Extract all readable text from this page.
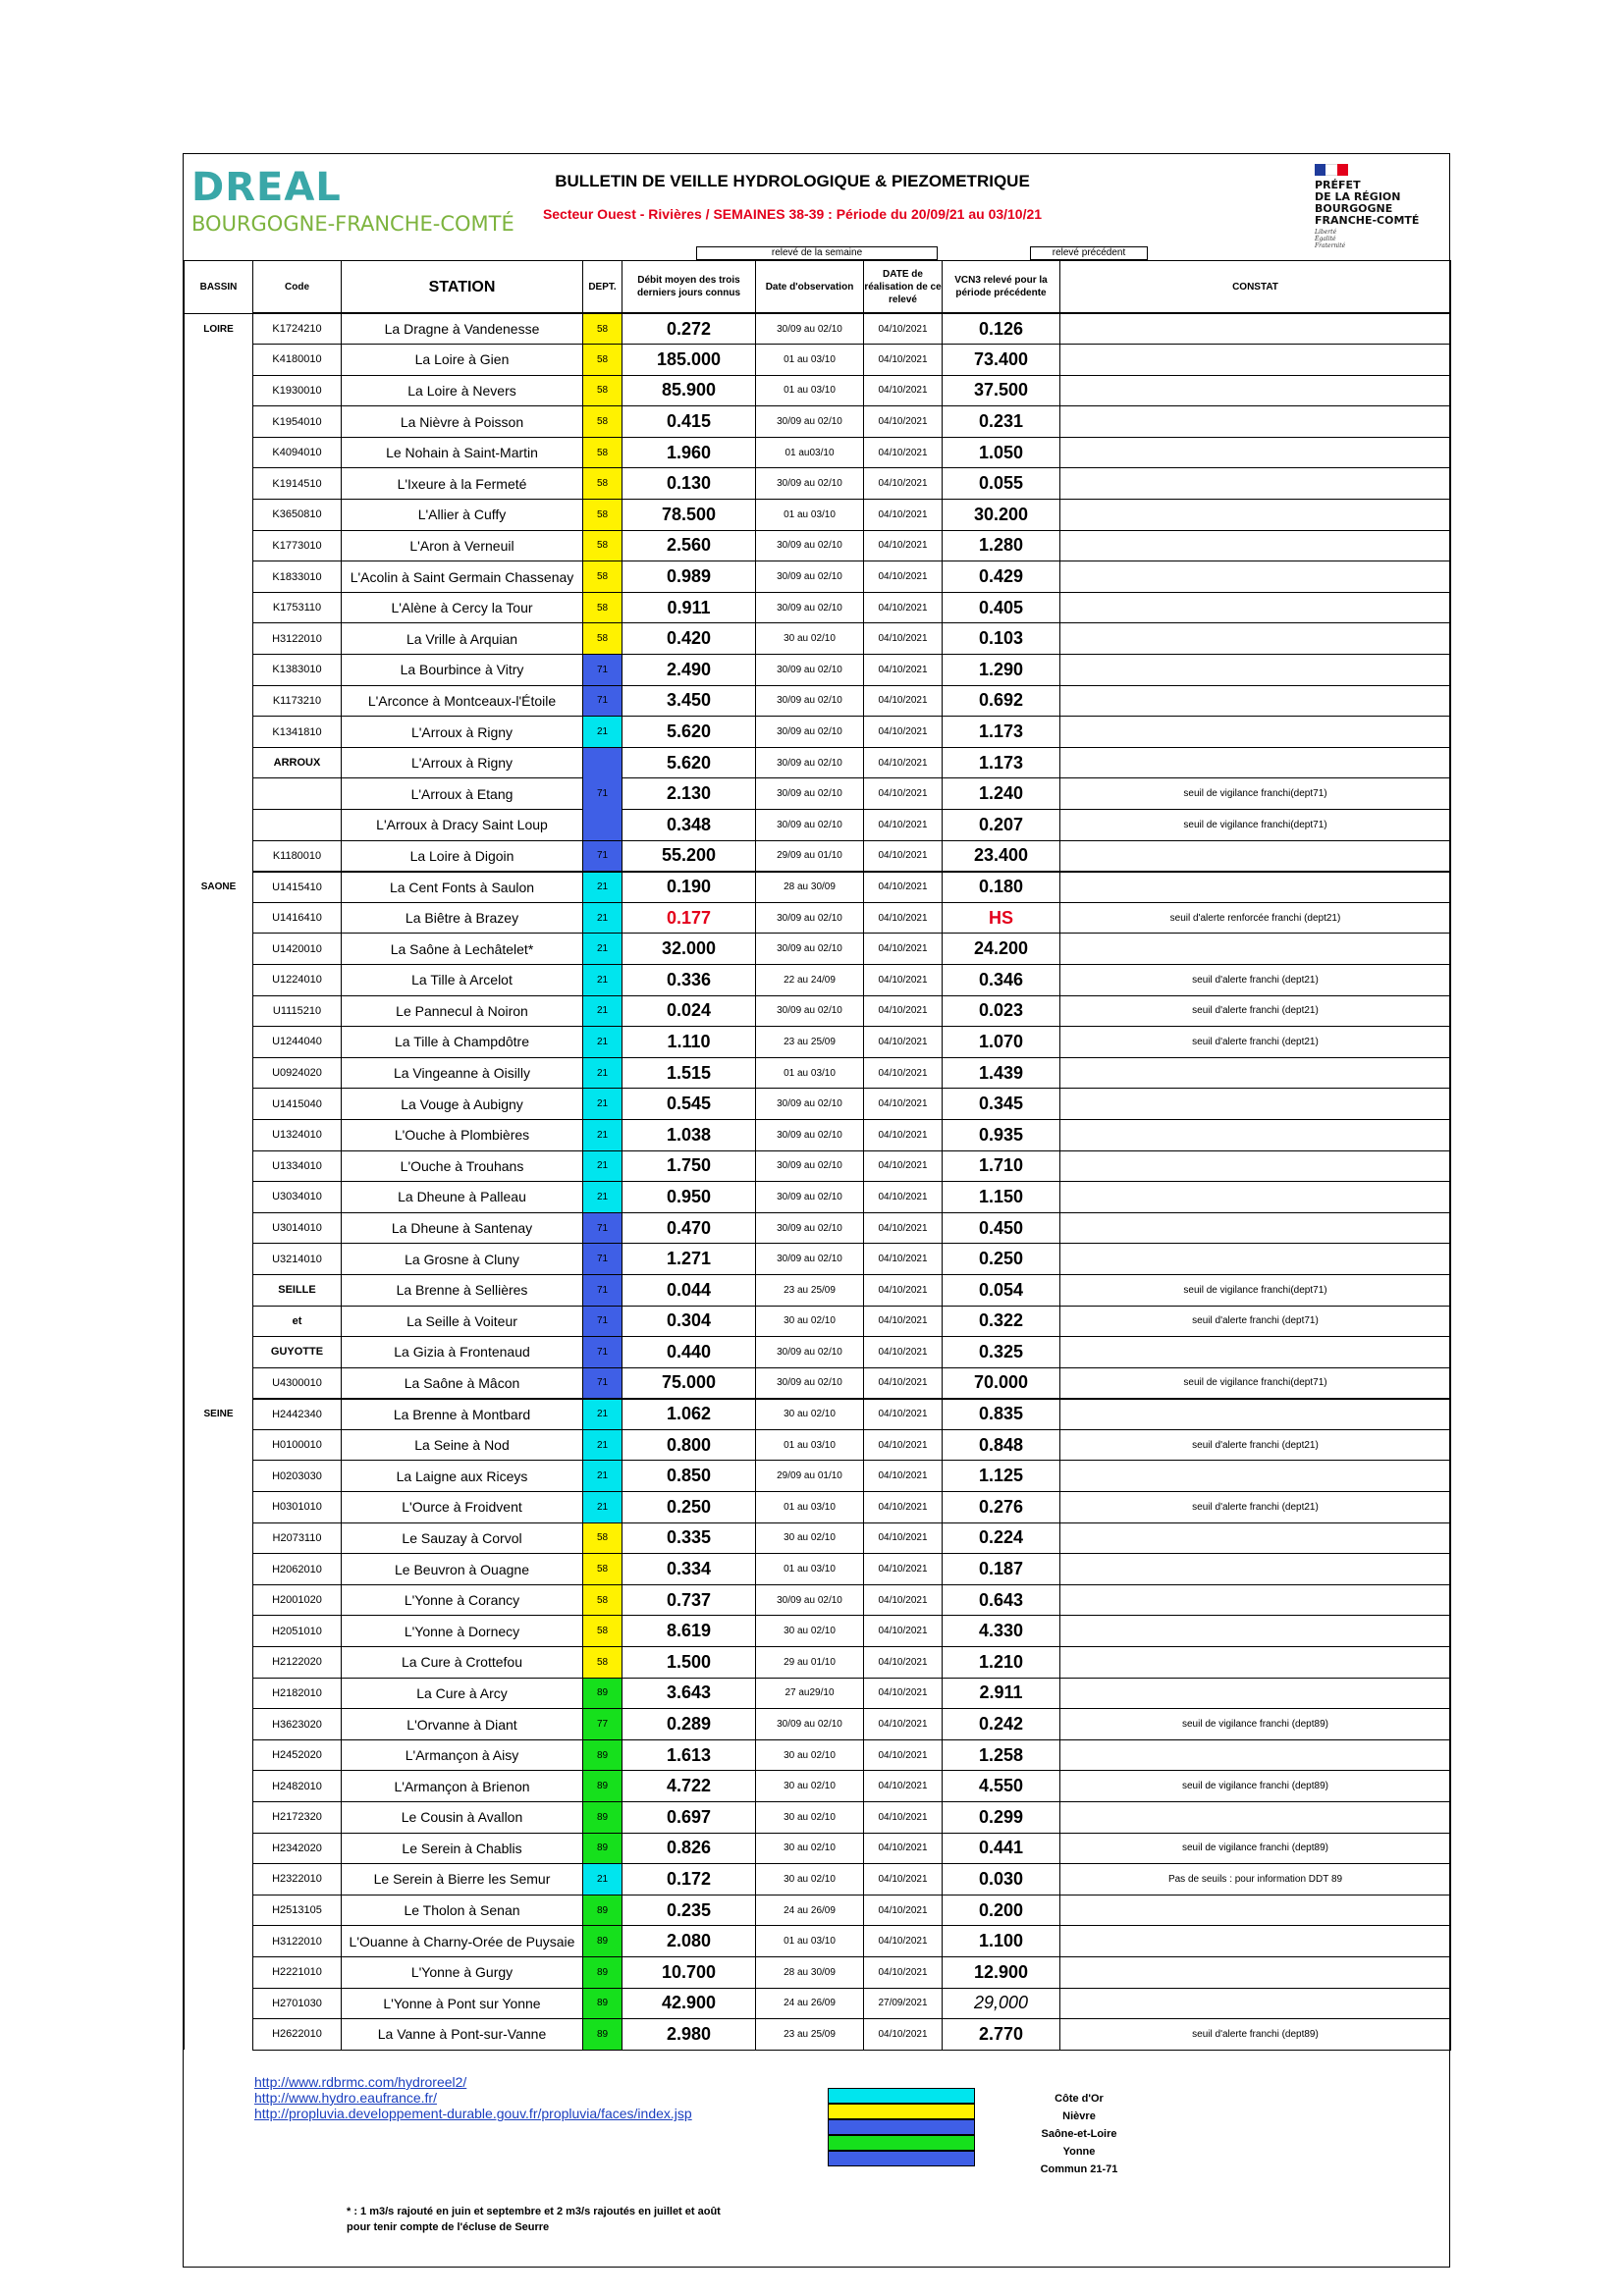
DREAL
BOURGOGNE-FRANCHE-COMTÉ
BULLETIN DE VEILLE HYDROLOGIQUE & PIEZOMETRIQUE
Secteur Ouest - Rivières / SEMAINES 38-39 : Période du 20/09/21 au 03/10/21
PRÉFET
DE LA RÉGION
BOURGOGNE
FRANCHE-COMTÉ
Liberté
Égalité
Fraternité
relevé de la semaine	relevé précédent
BASSIN	Code	STATION	DEPT.	Débit moyen des trois derniers jours connus	Date d'observation	DATE de réalisation de ce relevé	VCN3 relevé pour la période précédente	CONSTAT
LOIRE	K1724210	La Dragne à Vandenesse	58	0.272	30/09 au 02/10	04/10/2021	0.126	
	K4180010	La Loire à Gien	58	185.000	01 au 03/10	04/10/2021	73.400	
	K1930010	La Loire à Nevers	58	85.900	01 au 03/10	04/10/2021	37.500	
	K1954010	La Nièvre à Poisson	58	0.415	30/09 au 02/10	04/10/2021	0.231	
	K4094010	Le Nohain à Saint-Martin	58	1.960	01 au03/10	04/10/2021	1.050	
	K1914510	L'Ixeure à la Fermeté	58	0.130	30/09 au 02/10	04/10/2021	0.055	
	K3650810	L'Allier à Cuffy	58	78.500	01 au 03/10	04/10/2021	30.200	
	K1773010	L'Aron à Verneuil	58	2.560	30/09 au 02/10	04/10/2021	1.280	
	K1833010	L'Acolin à Saint Germain Chassenay	58	0.989	30/09 au 02/10	04/10/2021	0.429	
	K1753110	L'Alène à Cercy la Tour	58	0.911	30/09 au 02/10	04/10/2021	0.405	
	H3122010	La Vrille à Arquian	58	0.420	30 au 02/10	04/10/2021	0.103	
	K1383010	La Bourbince à Vitry	71	2.490	30/09 au 02/10	04/10/2021	1.290	
	K1173210	L'Arconce à Montceaux-l'Étoile	71	3.450	30/09 au 02/10	04/10/2021	0.692	
	K1341810	L'Arroux à Rigny	21	5.620	30/09 au 02/10	04/10/2021	1.173	
	ARROUX	L'Arroux à Rigny		5.620	30/09 au 02/10	04/10/2021	1.173	
		L'Arroux à Etang	71	2.130	30/09 au 02/10	04/10/2021	1.240	seuil de vigilance franchi(dept71)
		L'Arroux à Dracy Saint Loup		0.348	30/09 au 02/10	04/10/2021	0.207	seuil de vigilance franchi(dept71)
	K1180010	La Loire à Digoin	71	55.200	29/09 au 01/10	04/10/2021	23.400	
SAONE	U1415410	La Cent Fonts à Saulon	21	0.190	28 au 30/09	04/10/2021	0.180	
	U1416410	La Biêtre à Brazey	21	0.177	30/09 au 02/10	04/10/2021	HS	seuil d'alerte renforcée franchi (dept21)
	U1420010	La Saône à Lechâtelet*	21	32.000	30/09 au 02/10	04/10/2021	24.200	
	U1224010	La Tille à Arcelot	21	0.336	22 au 24/09	04/10/2021	0.346	seuil d'alerte franchi (dept21)
	U1115210	Le Pannecul à Noiron	21	0.024	30/09 au 02/10	04/10/2021	0.023	seuil d'alerte franchi (dept21)
	U1244040	La Tille à Champdôtre	21	1.110	23 au 25/09	04/10/2021	1.070	seuil d'alerte franchi (dept21)
	U0924020	La Vingeanne à Oisilly	21	1.515	01 au 03/10	04/10/2021	1.439	
	U1415040	La Vouge à Aubigny	21	0.545	30/09 au 02/10	04/10/2021	0.345	
	U1324010	L'Ouche à Plombières	21	1.038	30/09 au 02/10	04/10/2021	0.935	
	U1334010	L'Ouche à Trouhans	21	1.750	30/09 au 02/10	04/10/2021	1.710	
	U3034010	La Dheune à Palleau	21	0.950	30/09 au 02/10	04/10/2021	1.150	
	U3014010	La Dheune à Santenay	71	0.470	30/09 au 02/10	04/10/2021	0.450	
	U3214010	La Grosne à Cluny	71	1.271	30/09 au 02/10	04/10/2021	0.250	
	SEILLE	La Brenne à Sellières	71	0.044	23 au 25/09	04/10/2021	0.054	seuil de vigilance franchi(dept71)
	et	La Seille à Voiteur	71	0.304	30 au 02/10	04/10/2021	0.322	seuil d'alerte franchi (dept71)
	GUYOTTE	La Gizia à Frontenaud	71	0.440	30/09 au 02/10	04/10/2021	0.325	
	U4300010	La Saône à Mâcon	71	75.000	30/09 au 02/10	04/10/2021	70.000	seuil de vigilance franchi(dept71)
SEINE	H2442340	La Brenne à Montbard	21	1.062	30 au 02/10	04/10/2021	0.835	
	H0100010	La Seine à Nod	21	0.800	01 au 03/10	04/10/2021	0.848	seuil d'alerte franchi (dept21)
	H0203030	La Laigne aux Riceys	21	0.850	29/09 au 01/10	04/10/2021	1.125	
	H0301010	L'Ource à Froidvent	21	0.250	01 au 03/10	04/10/2021	0.276	seuil d'alerte franchi (dept21)
	H2073110	Le Sauzay à Corvol	58	0.335	30 au 02/10	04/10/2021	0.224	
	H2062010	Le Beuvron à Ouagne	58	0.334	01 au 03/10	04/10/2021	0.187	
	H2001020	L'Yonne à Corancy	58	0.737	30/09 au 02/10	04/10/2021	0.643	
	H2051010	L'Yonne à Dornecy	58	8.619	30 au 02/10	04/10/2021	4.330	
	H2122020	La Cure à Crottefou	58	1.500	29 au 01/10	04/10/2021	1.210	
	H2182010	La Cure à Arcy	89	3.643	27 au29/10	04/10/2021	2.911	
	H3623020	L'Orvanne à Diant	77	0.289	30/09 au 02/10	04/10/2021	0.242	seuil de vigilance franchi (dept89)
	H2452020	L'Armançon à Aisy	89	1.613	30 au 02/10	04/10/2021	1.258	
	H2482010	L'Armançon à Brienon	89	4.722	30 au 02/10	04/10/2021	4.550	seuil de vigilance franchi (dept89)
	H2172320	Le Cousin à Avallon	89	0.697	30 au 02/10	04/10/2021	0.299	
	H2342020	Le Serein à Chablis	89	0.826	30 au 02/10	04/10/2021	0.441	seuil de vigilance franchi (dept89)
	H2322010	Le Serein à Bierre les Semur	21	0.172	30 au 02/10	04/10/2021	0.030	Pas de seuils : pour information DDT 89
	H2513105	Le Tholon à Senan	89	0.235	24 au 26/09	04/10/2021	0.200	
	H3122010	L'Ouanne à Charny-Orée de Puysaie	89	2.080	01 au 03/10	04/10/2021	1.100	
	H2221010	L'Yonne à Gurgy	89	10.700	28 au 30/09	04/10/2021	12.900	
	H2701030	L'Yonne à Pont sur Yonne	89	42.900	24 au 26/09	27/09/2021	29,000	
	H2622010	La Vanne à Pont-sur-Vanne	89	2.980	23 au 25/09	04/10/2021	2.770	seuil d'alerte franchi (dept89)
http://www.rdbrmc.com/hydroreel2/
http://www.hydro.eaufrance.fr/
http://propluvia.developpement-durable.gouv.fr/propluvia/faces/index.jsp
Côte d'Or
Nièvre
Saône-et-Loire
Yonne
Commun 21-71
* : 1 m3/s rajouté en juin et septembre et 2 m3/s rajoutés en juillet et août
pour tenir compte de l'écluse de Seurre
